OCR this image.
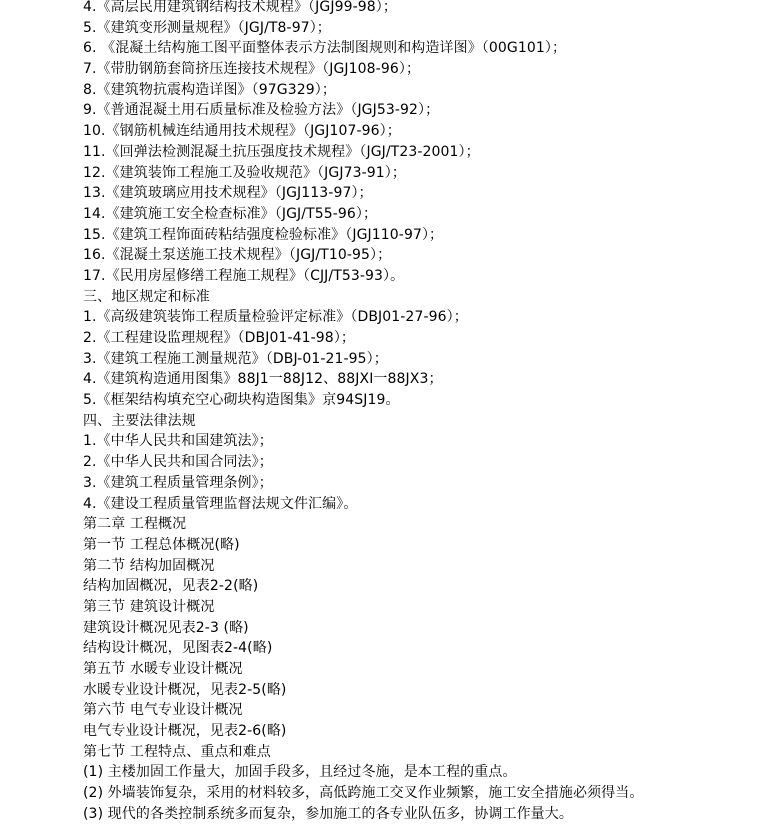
4.《高层民用建筑钢结构技术规程》（JGJ99-98）；
5.《建筑变形测量规程》（JGJ/T8-97）；
6. 《混凝土结构施工图平面整体表示方法制图规则和构造详图》（00G101）；
7.《带肋钢筋套筒挤压连接技术规程》（JGJ108-96）；
8.《建筑物抗震构造详图》（97G329）；
9.《普通混凝土用石质量标准及检验方法》（JGJ53-92）；
10.《钢筋机械连结通用技术规程》（JGJ107-96）；
11.《回弹法检测混凝土抗压强度技术规程》（JGJ/T23-2001）；
12.《建筑装饰工程施工及验收规范》（JGJ73-91）；
13.《建筑玻璃应用技术规程》（JGJ113-97）；
14.《建筑施工安全检查标准》（JGJ/T55-96）；
15.《建筑工程饰面砖粘结强度检验标准》（JGJ110-97）；
16.《混凝土泵送施工技术规程》（JGJ/T10-95）；
17.《民用房屋修缮工程施工规程》（CJJ/T53-93）。
三、地区规定和标准
1.《高级建筑装饰工程质量检验评定标准》（DBJ01-27-96）；
2.《工程建设监理规程》（DBJ01-41-98）；
3.《建筑工程施工测量规范》（DBJ-01-21-95）；
4.《建筑构造通用图集》88J1一88J12、88JXI一88JX3；
5.《框架结构填充空心砌块构造图集》京94SJ19。
四、主要法律法规
1.《中华人民共和国建筑法》；
2.《中华人民共和国合同法》；
3.《建筑工程质量管理条例》；
4.《建设工程质量管理监督法规文件汇编》。
第二章 工程概况
第一节 工程总体概况(略)
第二节 结构加固概况
结构加固概况，见表2-2(略)
第三节 建筑设计概况
建筑设计概况见表2-3 (略)
结构设计概况，见图表2-4(略)
第五节 水暖专业设计概况
水暖专业设计概况，见表2-5(略)
第六节 电气专业设计概况
电气专业设计概况，见表2-6(略)
第七节 工程特点、重点和难点
(1) 主楼加固工作量大，加固手段多，且经过冬施，是本工程的重点。
(2) 外墙装饰复杂，采用的材料较多，高低跨施工交叉作业频繁，施工安全措施必须得当。
(3) 现代的各类控制系统多而复杂，参加施工的各专业队伍多，协调工作量大。
